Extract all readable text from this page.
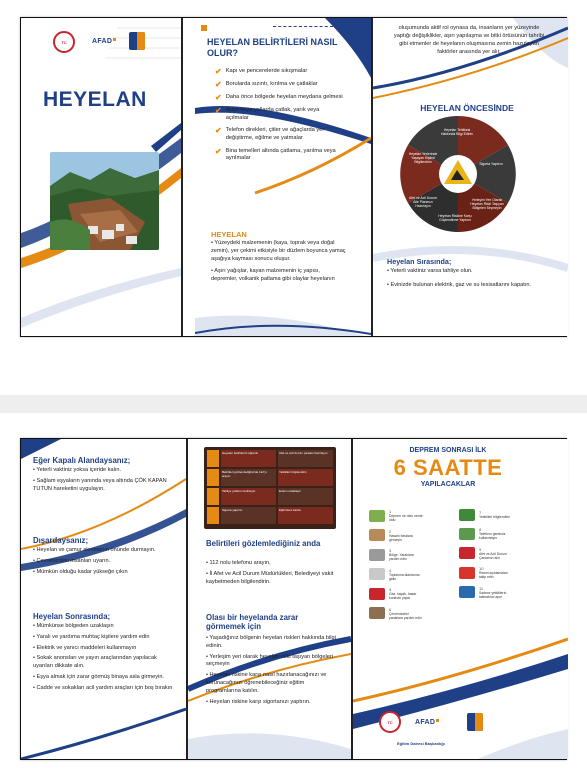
TC	AFAD
HEYELAN
HEYELAN BELİRTİLERİ NASIL OLUR?
✔ Kapı ve pencerelerde sıkışmalar
✔ Borularda sızıntı, kırılma ve çatlaklar
✔ Daha önce bölgede heyelan meydana gelmesi
✔ Arazi veya yollarda çatlak, yarık veya açılmalar
✔ Telefon direkleri, çitler ve ağaçlarda yer değiştirme, eğilme ve yatmalar
✔ Bina temelleri altında çatlama, yarılma veya ayrılmalar
HEYELAN
• Yüzeydeki malzemenin (kaya, toprak veya doğal zemin), yer çekimi etkisiyle bir düzlem boyunca yamaç aşağıya kayması sonucu oluşur.
• Aşırı yağışlar, kayan malzemenin iç yapısı, depremler, volkanik patlama gibi olaylar heyelanın
oluşumunda aktif rol oynasa da, insanların yer yüzeyinde yaptığı değişiklikler, aşırı yapılaşma ve bitki örtüsünün tahribi gibi etmenler de heyelanın oluşmasına zemin hazırlayan faktörler arasında yer alır.
HEYELAN ÖNCESİNDE
Heyelan Tehlikesi Hakkında Bilgi Edinin
Sigorta Yaptırın
Yerleşim Yeri Olarak Heyelan Riski Taşıyan Bölgeleri Seçmeyin
Heyelan Riskine Karşı Güçlendirme Yaptırın
Afet ve Acil Durum Aile Planınızı Hazırlayın
Heyelan Yerlerinde Yaşayan Kişileri Bilgilendirin
Heyelan Sırasında;
• Yeterli vaktiniz varsa tahliye olun.
• Evinizde bulunan elektrik, gaz ve su tesisatlarını kapatın.
Eğer Kapalı Alandaysanız;
• Yeterli vaktiniz yoksa içeride kalın.
• Sağlam eşyaların yanında veya altında ÇÖK KAPAN TUTUN hareketini uygulayın.
Dışardaysanız;
• Heyelan ve çamur akıntısının önünde durmayın.
• Çevrenizdeki insanları uyarın.
• Mümkün olduğu kadar yükseğe çıkın
Heyelan Sonrasında;
• Mümkünse bölgeden uzaklaşın
• Yaralı ve yardıma muhtaç kişilere yardım edin
• Elektrik ve yanıcı maddeleri kullanmayın
• Sokak anonsları ve yayın araçlarından yapılacak uyarıları dikkate alın.
• Eşya almak için zarar görmüş binaya asla girmeyin.
• Cadde ve sokakları acil yardım araçları için boş bırakın
Heyelan belirtilerini öğrenin	Afet ve acil durum çantası hazırlayın
Belirtileri gözlemlediğinizde 112'yi arayın
Yetkilileri bilgilendirin
Tahliye yollarını belirleyin	Evden uzaklaşın
Sigorta yaptırın	Eğitimlere katılın
Belirtileri gözlemlediğiniz anda
• 112 nolu telefonu arayın,
• İl Afet ve Acil Durum Müdürlükleri, Belediyeyi vakit kaybetmeden bilgilendirin.
Olası bir heyelanda zarar görmemek için
• Yaşadığınız bölgenin heyelan riskleri hakkında bilgi edinin.
• Yerleşim yeri olarak heyelan riski taşıyan bölgeleri seçmeyin
• Heyelan riskine karşı nasıl hazırlanacağınızı ve korunacağınızı öğrenebileceğiniz eğitim programlarına katılın.
• Heyelan riskine karşı sigortanızı yaptırın.
DEPREM SONRASI İLK
6 SAATTE
YAPILACAKLAR
1
Deprem ne oldu nerde oldu
2
Hasarlı binalara girmeyin
3
Bölge. Yaralılara yardım edin
4
Toplanma alanlarına gidin
5
Gaz, kaçak, hasar kontrolü yapın
6
Çevrenizdeki yaralılara yardım edin
7
Yetkilileri bilgilendirin
8
Telefonu gereksiz kullanmayın
9
Afet ve Acil Durum Çantanızı alın
10
Resmi açıklamaları takip edin
11
Sadece yetkililerin talimatına uyun
TC	AFAD
Eğitim Dairesi Başkanlığı
